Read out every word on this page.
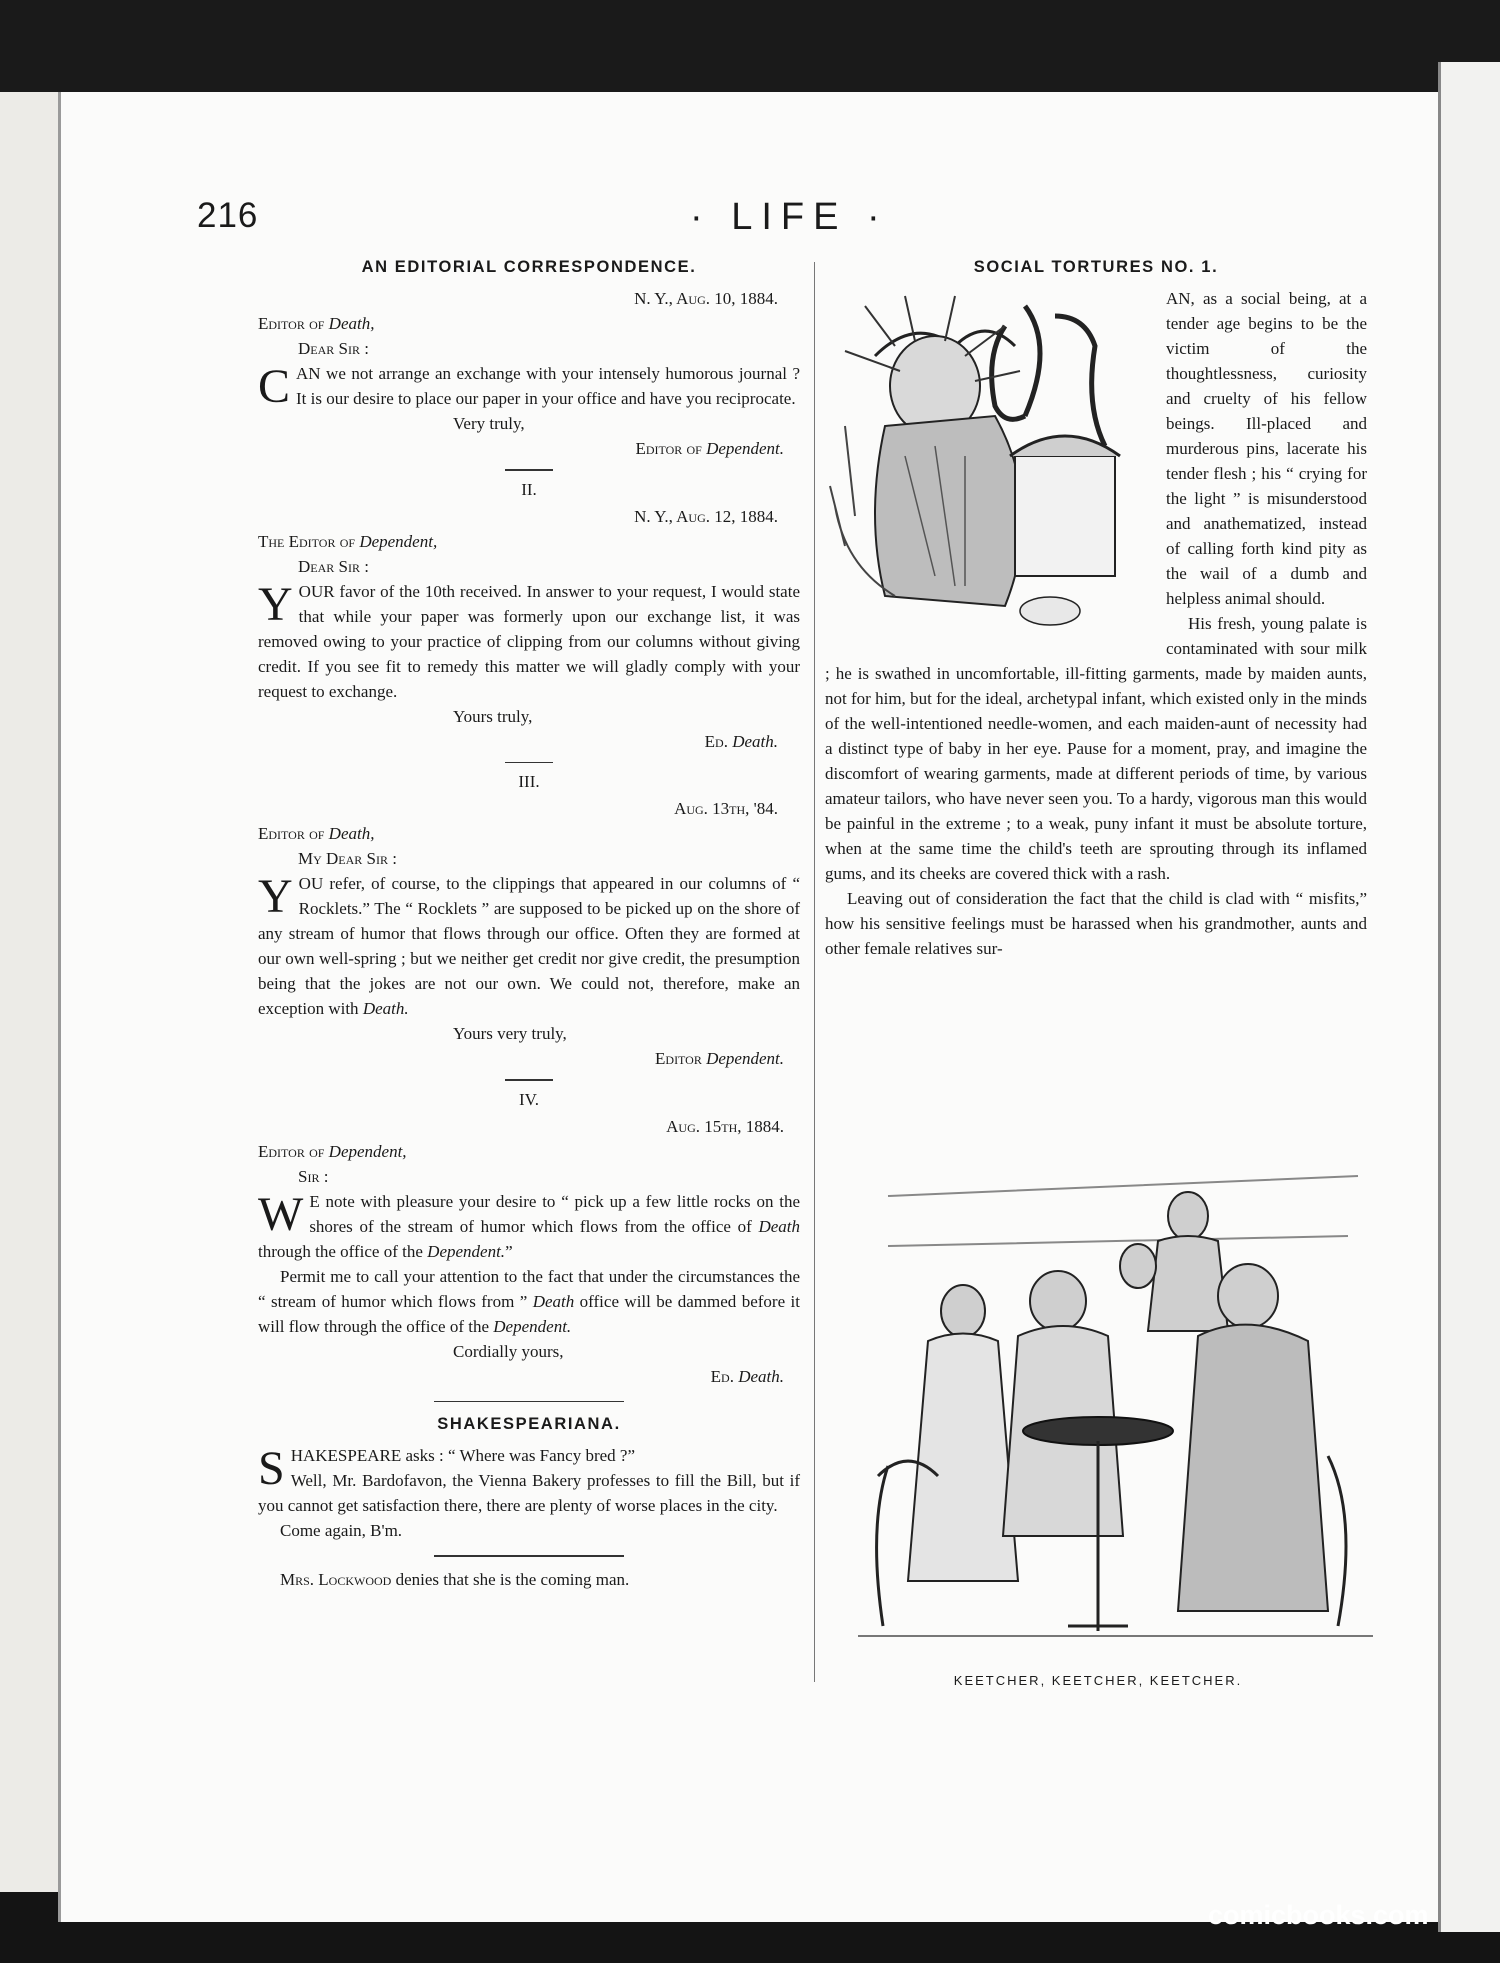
216	· LIFE ·
AN EDITORIAL CORRESPONDENCE.
N. Y., Aug. 10, 1884.
Editor of Death,
Dear Sir :

CAN we not arrange an exchange with your intensely humorous journal ? It is our desire to place our paper in your office and have you reciprocate.

Very truly,
Editor of Dependent.
II.
N. Y., Aug. 12, 1884.
The Editor of Dependent,
Dear Sir :

YOUR favor of the 10th received. In answer to your request, I would state that while your paper was formerly upon our exchange list, it was removed owing to your practice of clipping from our columns without giving credit. If you see fit to remedy this matter we will gladly comply with your request to exchange.

Yours truly,
Ed. Death.
III.
Aug. 13th, '84.
Editor of Death,
My Dear Sir :

YOU refer, of course, to the clippings that appeared in our columns of “ Rocklets.” The “ Rocklets ” are supposed to be picked up on the shore of any stream of humor that flows through our office. Often they are formed at our own well-spring ; but we neither get credit nor give credit, the presumption being that the jokes are not our own. We could not, therefore, make an exception with Death.

Yours very truly,
Editor Dependent.
IV.
Aug. 15th, 1884.
Editor of Dependent,
Sir :

W E note with pleasure your desire to “ pick up a few little rocks on the shores of the stream of humor which flows from the office of Death through the office of the Dependent.”

Permit me to call your attention to the fact that under the circumstances the “ stream of humor which flows from ” Death office will be dammed before it will flow through the office of the Dependent.

Cordially yours,
Ed. Death.
SHAKESPEARIANA.

SHAKESPEARE asks : “ Where was Fancy bred ?”
Well, Mr. Bardofavon, the Vienna Bakery professes to fill the Bill, but if you cannot get satisfaction there, there are plenty of worse places in the city.

Come again, B'm.
Mrs. Lockwood denies that she is the coming man.
SOCIAL TORTURES NO. 1.

AN, as a social being, at a tender age begins to be the victim of the thoughtlessness, curiosity and cruelty of his fellow beings. Ill-placed and murderous pins, lacerate his tender flesh ; his “ crying for the light ” is misunderstood and anathematized, instead of calling forth kind pity as the wail of a dumb and helpless animal should.

His fresh, young palate is contaminated with sour milk ; he is swathed in uncomfortable, ill-fitting garments, made by maiden aunts, not for him, but for the ideal, archetypal infant, which existed only in the minds of the well-intentioned needle-women, and each maiden-aunt of necessity had a distinct type of baby in her eye. Pause for a moment, pray, and imagine the discomfort of wearing garments, made at different periods of time, by various amateur tailors, who have never seen you. To a hardy, vigorous man this would be painful in the extreme ; to a weak, puny infant it must be absolute torture, when at the same time the child's teeth are sprouting through its inflamed gums, and its cheeks are covered thick with a rash.

Leaving out of consideration the fact that the child is clad with “ misfits,” how his sensitive feelings must be harassed when his grandmother, aunts and other female relatives sur-

KEETCHER, KEETCHER, KEETCHER.
comicbooks.com
